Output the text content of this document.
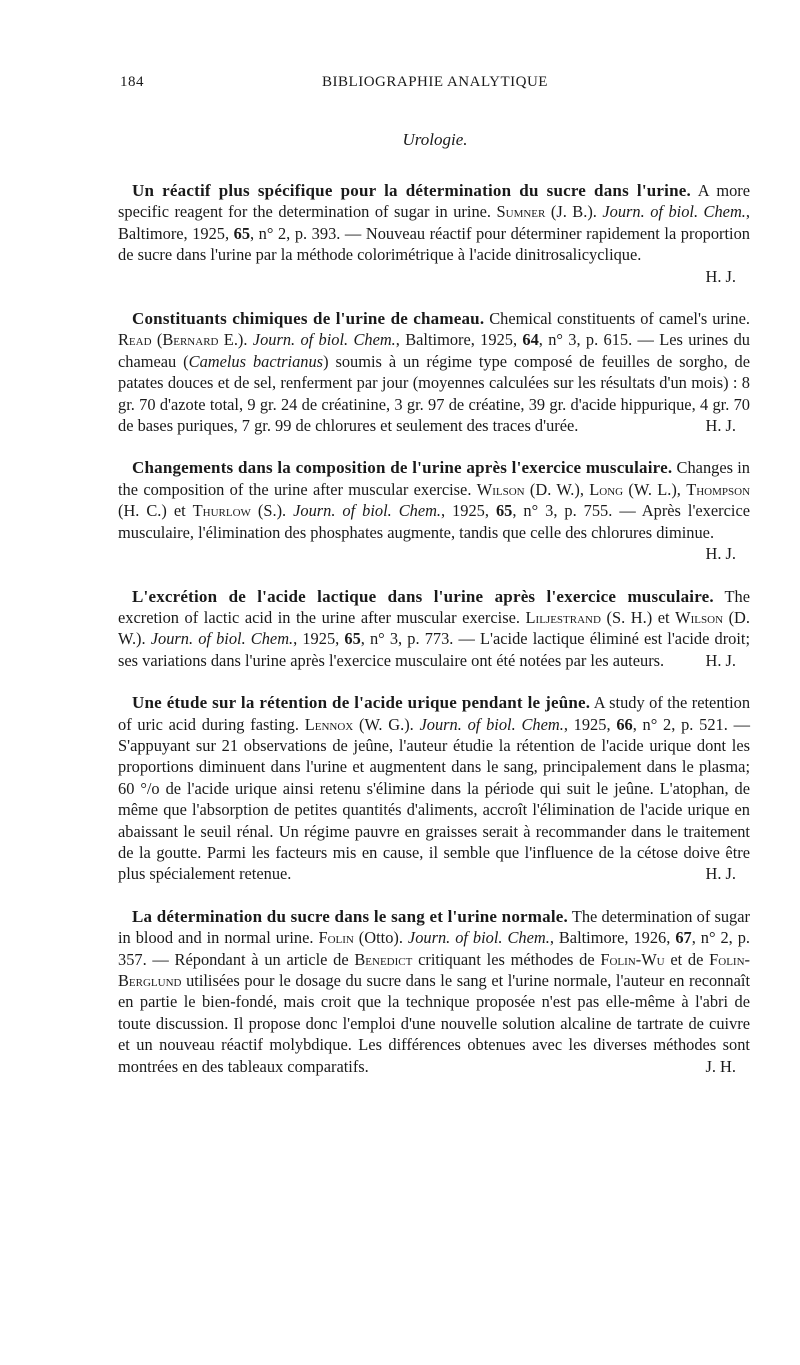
184	BIBLIOGRAPHIE ANALYTIQUE
Urologie.

Un réactif plus spécifique pour la détermination du sucre dans l'urine. A more specific reagent for the determination of sugar in urine. Sumner (J. B.). Journ. of biol. Chem., Baltimore, 1925, 65, n° 2, p. 393. — Nouveau réactif pour déterminer rapidement la proportion de sucre dans l'urine par la méthode colorimétrique à l'acide dinitrosalicyclique.

H. J.

Constituants chimiques de l'urine de chameau. Chemical constituents of camel's urine. Read (Bernard E.). Journ. of biol. Chem., Baltimore, 1925, 64, n° 3, p. 615. — Les urines du chameau (Camelus bactrianus) soumis à un régime type composé de feuilles de sorgho, de patates douces et de sel, renferment par jour (moyennes calculées sur les résultats d'un mois) : 8 gr. 70 d'azote total, 9 gr. 24 de créatinine, 3 gr. 97 de créatine, 39 gr. d'acide hippurique, 4 gr. 70 de bases puriques, 7 gr. 99 de chlorures et seulement des traces d'urée.	H. J.

Changements dans la composition de l'urine après l'exercice musculaire. Changes in the composition of the urine after muscular exercise. Wilson (D. W.), Long (W. L.), Thompson (H. C.) et Thurlow (S.). Journ. of biol. Chem., 1925, 65, n° 3, p. 755. — Après l'exercice musculaire, l'élimination des phosphates augmente, tandis que celle des chlorures diminue.

H. J.

L'excrétion de l'acide lactique dans l'urine après l'exercice musculaire. The excretion of lactic acid in the urine after muscular exercise. Liljestrand (S. H.) et Wilson (D. W.). Journ. of biol. Chem., 1925, 65, n° 3, p. 773. — L'acide lactique éliminé est l'acide droit; ses variations dans l'urine après l'exercice musculaire ont été notées par les auteurs.	H. J.

Une étude sur la rétention de l'acide urique pendant le jeûne. A study of the retention of uric acid during fasting. Lennox (W. G.). Journ. of biol. Chem., 1925, 66, n° 2, p. 521. — S'appuyant sur 21 observations de jeûne, l'auteur étudie la rétention de l'acide urique dont les proportions diminuent dans l'urine et augmentent dans le sang, principalement dans le plasma; 60 °/o de l'acide urique ainsi retenu s'élimine dans la période qui suit le jeûne. L'atophan, de même que l'absorption de petites quantités d'aliments, accroît l'élimination de l'acide urique en abaissant le seuil rénal. Un régime pauvre en graisses serait à recommander dans le traitement de la goutte. Parmi les facteurs mis en cause, il semble que l'influence de la cétose doive être plus spécialement retenue.	H. J.

La détermination du sucre dans le sang et l'urine normale. The determination of sugar in blood and in normal urine. Folin (Otto). Journ. of biol. Chem., Baltimore, 1926, 67, n° 2, p. 357. — Répondant à un article de Benedict critiquant les méthodes de Folin-Wu et de Folin-Berglund utilisées pour le dosage du sucre dans le sang et l'urine normale, l'auteur en reconnaît en partie le bien-fondé, mais croit que la technique proposée n'est pas elle-même à l'abri de toute discussion. Il propose donc l'emploi d'une nouvelle solution alcaline de tartrate de cuivre et un nouveau réactif molybdique. Les différences obtenues avec les diverses méthodes sont montrées en des tableaux comparatifs.	J. H.
